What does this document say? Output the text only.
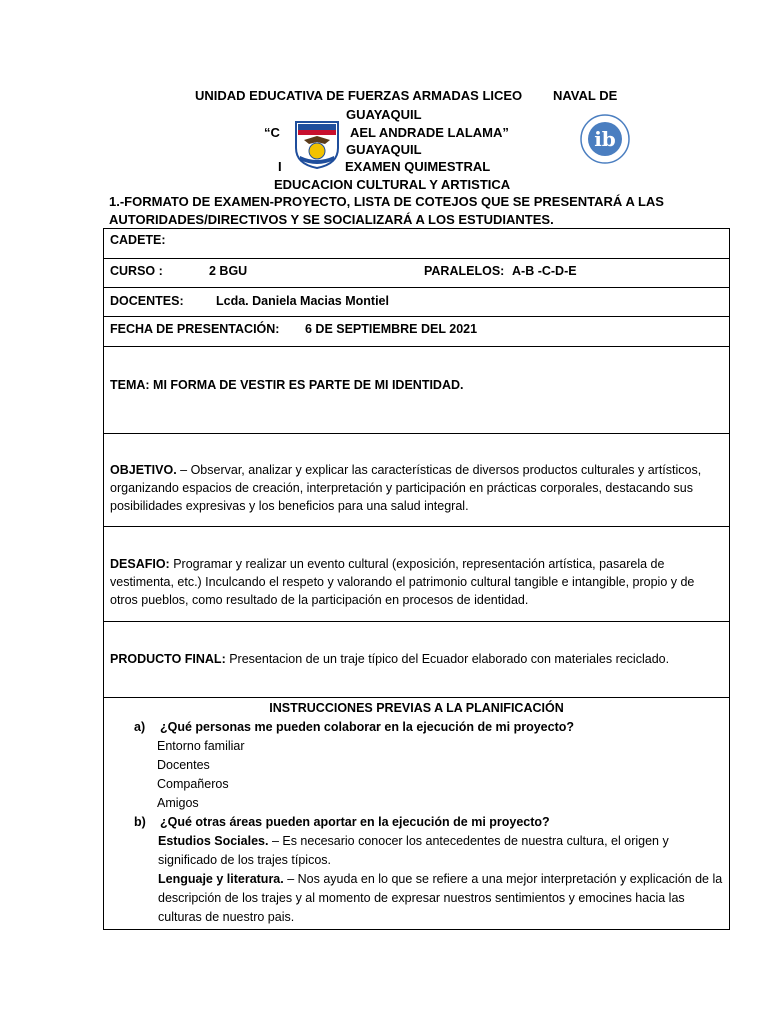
UNIDAD EDUCATIVA DE FUERZAS ARMADAS LICEO NAVAL DE
GUAYAQUIL
“C	AEL ANDRADE LALAMA”
GUAYAQUIL
I	EXAMEN QUIMESTRAL
EDUCACION CULTURAL Y ARTISTICA
ib
1.-FORMATO DE EXAMEN-PROYECTO, LISTA DE COTEJOS QUE SE PRESENTARÁ A LAS AUTORIDADES/DIRECTIVOS Y SE SOCIALIZARÁ A LOS ESTUDIANTES.
CADETE:

CURSO :	2 BGU	PARALELOS: A-B -C-D-E

DOCENTES:	Lcda. Daniela Macias Montiel

FECHA DE PRESENTACIÓN: 6 DE SEPTIEMBRE DEL 2021

TEMA: MI FORMA DE VESTIR ES PARTE DE MI IDENTIDAD.

OBJETIVO. – Observar, analizar y explicar las características de diversos productos culturales y artísticos, organizando espacios de creación, interpretación y participación en prácticas corporales, destacando sus posibilidades expresivas y los beneficios para una salud integral.

DESAFIO: Programar y realizar un evento cultural (exposición, representación artística, pasarela de vestimenta, etc.) Inculcando el respeto y valorando el patrimonio cultural tangible e intangible, propio y de otros pueblos, como resultado de la participación en procesos de identidad.

PRODUCTO FINAL: Presentacion de un traje típico del Ecuador elaborado con materiales reciclado.

INSTRUCCIONES PREVIAS A LA PLANIFICACIÓN
a) ¿Qué personas me pueden colaborar en la ejecución de mi proyecto?
Entorno familiar
Docentes
Compañeros
Amigos
b) ¿Qué otras áreas pueden aportar en la ejecución de mi proyecto?
Estudios Sociales. – Es necesario conocer los antecedentes de nuestra cultura, el origen y significado de los trajes típicos.
Lenguaje y literatura. – Nos ayuda en lo que se refiere a una mejor interpretación y explicación de la descripción de los trajes y al momento de expresar nuestros sentimientos y emocines hacia las culturas de nuestro pais.
